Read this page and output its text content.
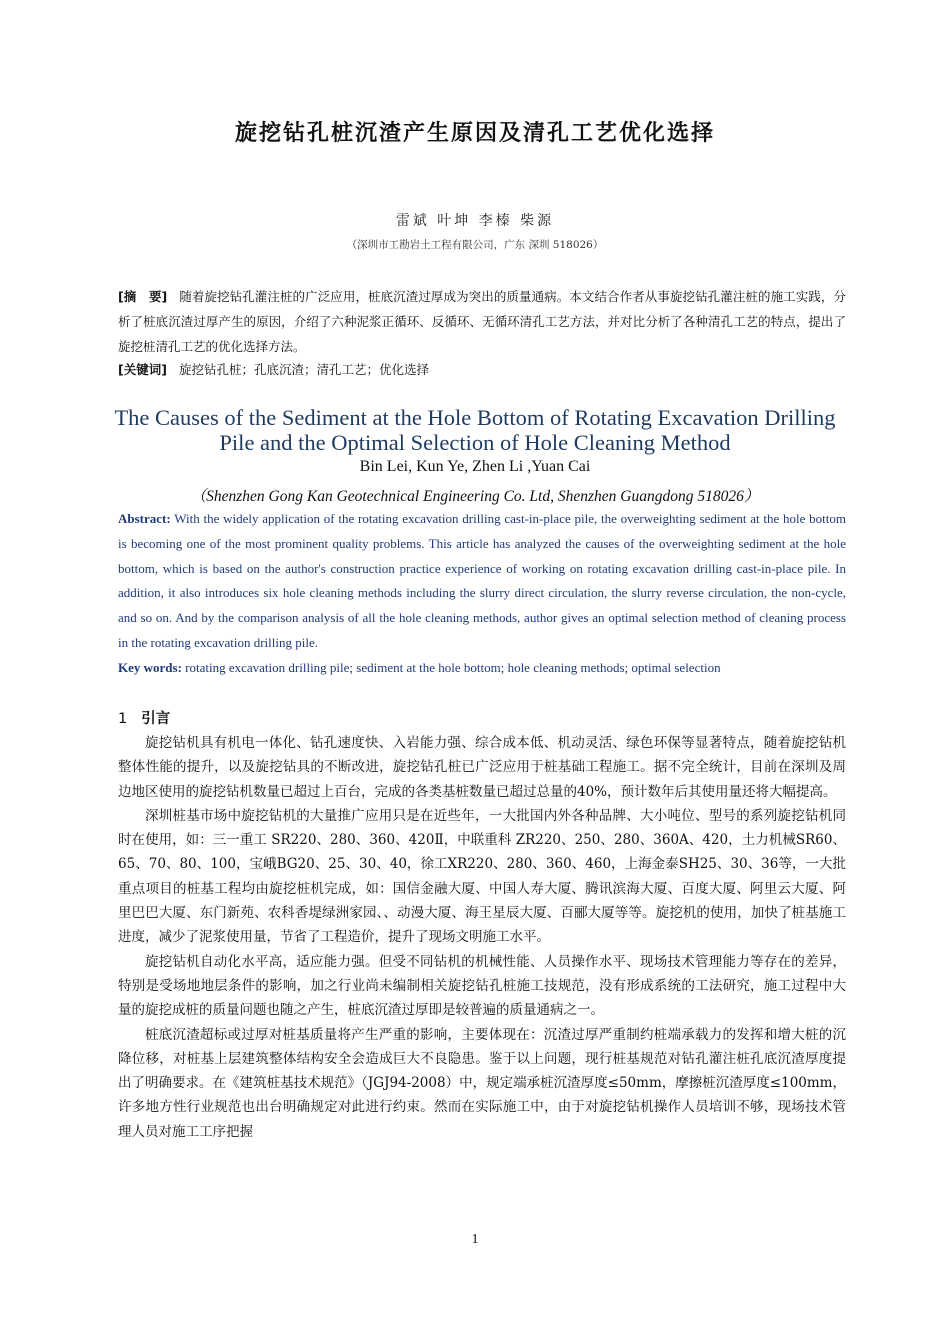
旋挖钻孔桩沉渣产生原因及清孔工艺优化选择
雷斌 叶坤 李榛 柴源
（深圳市工勘岩土工程有限公司，广东 深圳 518026）
[摘　要] 随着旋挖钻孔灌注桩的广泛应用，桩底沉渣过厚成为突出的质量通病。本文结合作者从事旋挖钻孔灌注桩的施工实践，分析了桩底沉渣过厚产生的原因，介绍了六种泥浆正循环、反循环、无循环清孔工艺方法，并对比分析了各种清孔工艺的特点，提出了旋挖桩清孔工艺的优化选择方法。
[关键词] 旋挖钻孔桩；孔底沉渣；清孔工艺；优化选择
The Causes of the Sediment at the Hole Bottom of Rotating Excavation Drilling Pile and the Optimal Selection of Hole Cleaning Method
Bin Lei, Kun Ye, Zhen Li ,Yuan Cai
（Shenzhen Gong Kan Geotechnical Engineering Co. Ltd, Shenzhen Guangdong 518026）
Abstract: With the widely application of the rotating excavation drilling cast-in-place pile, the overweighting sediment at the hole bottom is becoming one of the most prominent quality problems. This article has analyzed the causes of the overweighting sediment at the hole bottom, which is based on the author's construction practice experience of working on rotating excavation drilling cast-in-place pile. In addition, it also introduces six hole cleaning methods including the slurry direct circulation, the slurry reverse circulation, the non-cycle, and so on. And by the comparison analysis of all the hole cleaning methods, author gives an optimal selection method of cleaning process in the rotating excavation drilling pile.
Key words: rotating excavation drilling pile; sediment at the hole bottom; hole cleaning methods; optimal selection
1 引言

旋挖钻机具有机电一体化、钻孔速度快、入岩能力强、综合成本低、机动灵活、绿色环保等显著特点，随着旋挖钻机整体性能的提升，以及旋挖钻具的不断改进，旋挖钻孔桩已广泛应用于桩基础工程施工。据不完全统计，目前在深圳及周边地区使用的旋挖钻机数量已超过上百台，完成的各类基桩数量已超过总量的40%，预计数年后其使用量还将大幅提高。

深圳桩基市场中旋挖钻机的大量推广应用只是在近些年，一大批国内外各种品牌、大小吨位、型号的系列旋挖钻机同时在使用，如：三一重工 SR220、280、360、420Ⅱ，中联重科 ZR220、250、280、360A、420，土力机械SR60、65、70、80、100，宝峨BG20、25、30、40，徐工XR220、280、360、460，上海金泰SH25、30、36等，一大批重点项目的桩基工程均由旋挖桩机完成，如：国信金融大厦、中国人寿大厦、腾讯滨海大厦、百度大厦、阿里云大厦、阿里巴巴大厦、东门新苑、农科香堤绿洲家园、、动漫大厦、海王星辰大厦、百郦大厦等等。旋挖机的使用，加快了桩基施工进度，减少了泥浆使用量，节省了工程造价，提升了现场文明施工水平。

旋挖钻机自动化水平高，适应能力强。但受不同钻机的机械性能、人员操作水平、现场技术管理能力等存在的差异，特别是受场地地层条件的影响，加之行业尚未编制相关旋挖钻孔桩施工技规范，没有形成系统的工法研究，施工过程中大量的旋挖成桩的质量问题也随之产生，桩底沉渣过厚即是较普遍的质量通病之一。

桩底沉渣超标或过厚对桩基质量将产生严重的影响，主要体现在：沉渣过厚严重制约桩端承载力的发挥和增大桩的沉降位移，对桩基上层建筑整体结构安全会造成巨大不良隐患。鉴于以上问题，现行桩基规范对钻孔灌注桩孔底沉渣厚度提出了明确要求。在《建筑桩基技术规范》（JGJ94-2008）中，规定端承桩沉渣厚度≤50mm，摩擦桩沉渣厚度≤100mm，许多地方性行业规范也出台明确规定对此进行约束。然而在实际施工中，由于对旋挖钻机操作人员培训不够，现场技术管理人员对施工工序把握

1
